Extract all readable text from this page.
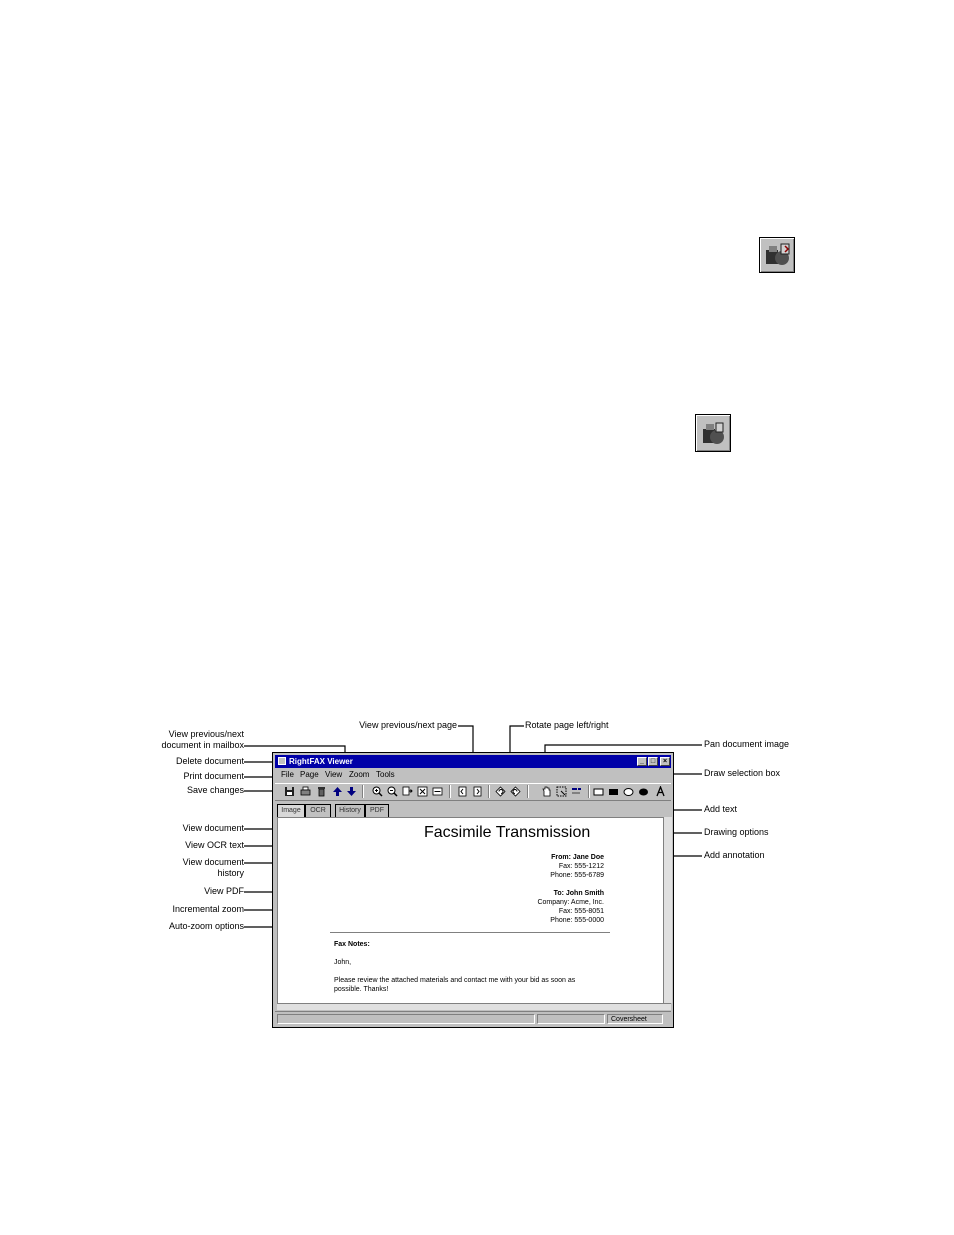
View previous/next
document in mailbox
Delete document
Print document
Save changes
View document
View OCR text
View document
history
View PDF
Incremental zoom
Auto-zoom options
View previous/next page	Rotate page left/right
Pan document image
Draw selection box
Add text
Drawing options
Add annotation
RightFAX Viewer	_ □	×
File Page View Zoom Tools
Image	OCR	History	PDF
Facsimile Transmission
From: Jane Doe
Fax: 555-1212
Phone: 555-6789
To: John Smith
Company: Acme, Inc.
Fax: 555-8051
Phone: 555-0000
Fax Notes:
John,
Please review the attached materials and contact me with your bid as soon as
possible. Thanks!
Coversheet
